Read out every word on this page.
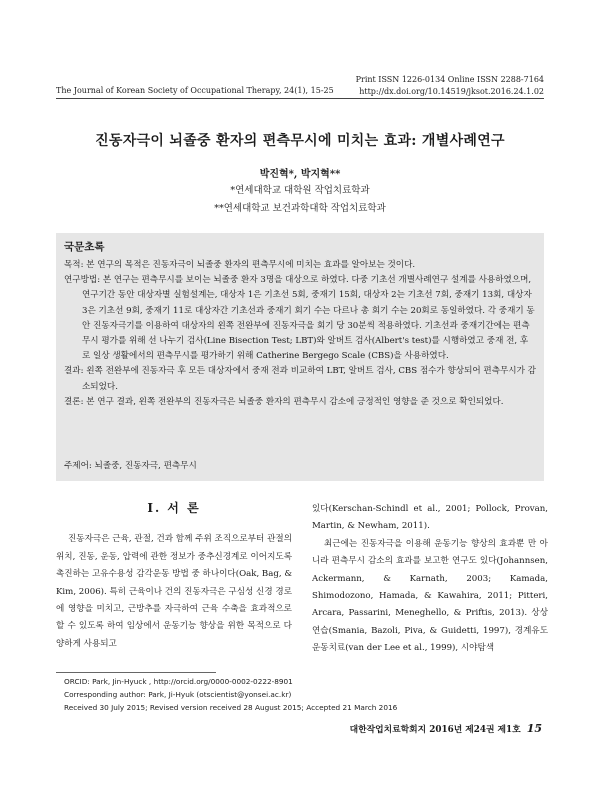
The Journal of Korean Society of Occupational Therapy, 24(1), 15-25
Print ISSN 1226-0134 Online ISSN 2288-7164
http://dx.doi.org/10.14519/jksot.2016.24.1.02
진동자극이 뇌졸중 환자의 편측무시에 미치는 효과: 개별사례연구
박진혁*, 박지혁**
*연세대학교 대학원 작업치료학과
**연세대학교 보건과학대학 작업치료학과
국문초록

목적: 본 연구의 목적은 진동자극이 뇌졸중 환자의 편측무시에 미치는 효과를 알아보는 것이다.

연구방법: 본 연구는 편측무시를 보이는 뇌졸중 환자 3명을 대상으로 하였다. 다중 기초선 개별사례연구 설계를 사용하였으며, 연구기간 동안 대상자별 실험설계는, 대상자 1은 기초선 5회, 중재기 15회, 대상자 2는 기초선 7회, 중재기 13회, 대상자 3은 기초선 9회, 중재기 11로 대상자간 기초선과 중재기 회기 수는 다르나 총 회기 수는 20회로 동일하였다. 각 중재기 동안 진동자극기를 이용하여 대상자의 왼쪽 전완부에 진동자극을 회기 당 30분씩 적용하였다. 기초선과 중재기간에는 편측무시 평가를 위해 선 나누기 검사(Line Bisection Test; LBT)와 알버트 검사(Albert's test)를 시행하였고 중재 전, 후로 일상 생활에서의 편측무시를 평가하기 위해 Catherine Bergego Scale (CBS)을 사용하였다.

결과: 왼쪽 전완부에 진동자극 후 모든 대상자에서 중재 전과 비교하여 LBT, 알버트 검사, CBS 점수가 향상되어 편측무시가 감소되었다.

결론: 본 연구 결과, 왼쪽 전완부의 진동자극은 뇌졸중 환자의 편측무시 감소에 긍정적인 영향을 준 것으로 확인되었다.

주제어: 뇌졸중, 진동자극, 편측무시
Ⅰ. 서 론

진동자극은 근육, 관절, 건과 함께 주위 조직으로부터 관절의 위치, 진동, 운동, 압력에 관한 정보가 중추신경계로 이어지도록 촉진하는 고유수용성 감각운동 방법 중 하나이다(Oak, Bag, & Kim, 2006). 특히 근육이나 건의 진동자극은 구심성 신경 경로에 영향을 미치고, 근방추를 자극하여 근육 수축을 효과적으로 할 수 있도록 하여 임상에서 운동기능 향상을 위한 목적으로 다양하게 사용되고

있다(Kerschan-Schindl et al., 2001; Pollock, Provan, Martin, & Newham, 2011).

최근에는 진동자극을 이용해 운동기능 향상의 효과뿐 만 아니라 편측무시 감소의 효과를 보고한 연구도 있다(Johannsen, Ackermann, & Karnath, 2003; Kamada, Shimodozono, Hamada, & Kawahira, 2011; Pitteri, Arcara, Passarini, Meneghello, & Priftis, 2013). 상상 연습(Smania, Bazoli, Piva, & Guidetti, 1997), 경계유도운동치료(van der Lee et al., 1999), 시야탐색

ORCID: Park, Jin-Hyuck , http://orcid.org/0000-0002-0222-8901
Corresponding author: Park, Ji-Hyuk (otscientist@yonsei.ac.kr)
Received 30 July 2015; Revised version received 28 August 2015; Accepted 21 March 2016
대한작업치료학회지 2016년 제24권 제1호 15
